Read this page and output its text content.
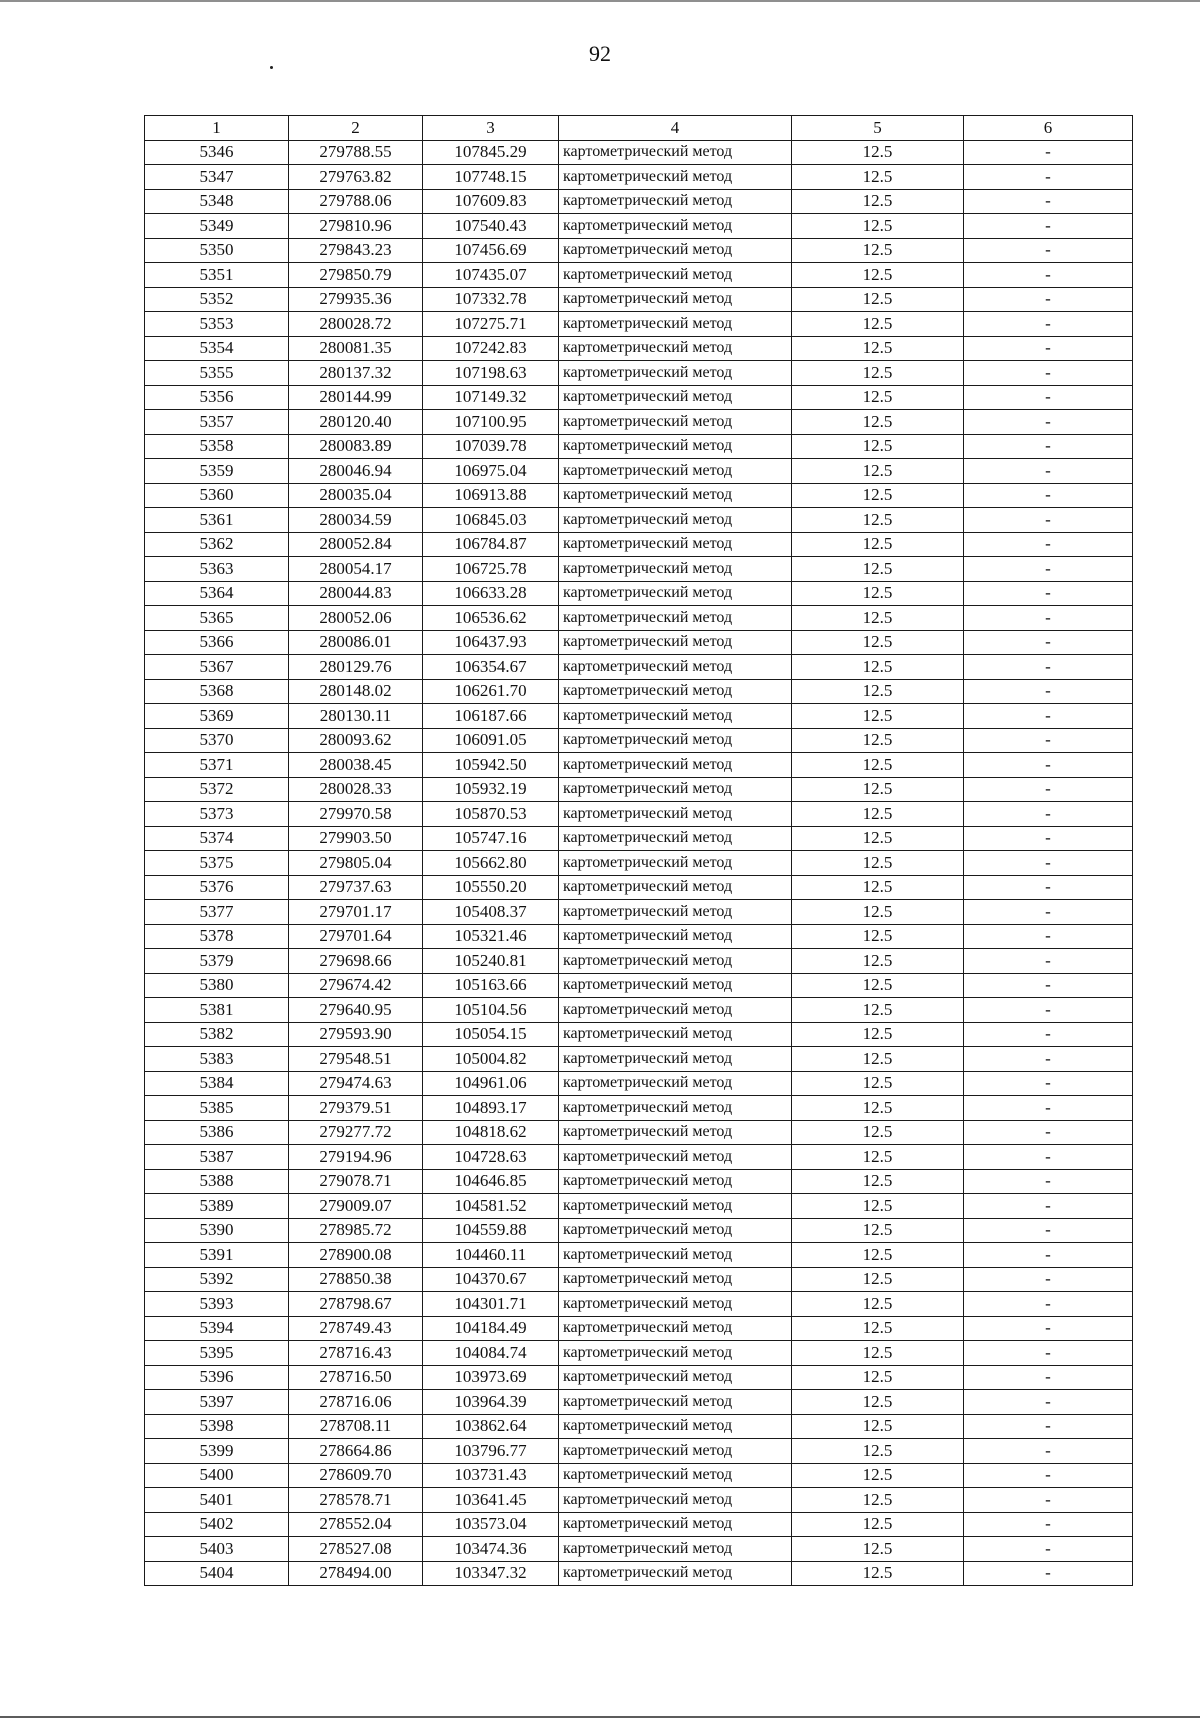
92
1	2	3	4	5	6
5346	279788.55	107845.29	картометрический метод	12.5	-
5347	279763.82	107748.15	картометрический метод	12.5	-
5348	279788.06	107609.83	картометрический метод	12.5	-
5349	279810.96	107540.43	картометрический метод	12.5	-
5350	279843.23	107456.69	картометрический метод	12.5	-
5351	279850.79	107435.07	картометрический метод	12.5	-
5352	279935.36	107332.78	картометрический метод	12.5	-
5353	280028.72	107275.71	картометрический метод	12.5	-
5354	280081.35	107242.83	картометрический метод	12.5	-
5355	280137.32	107198.63	картометрический метод	12.5	-
5356	280144.99	107149.32	картометрический метод	12.5	-
5357	280120.40	107100.95	картометрический метод	12.5	-
5358	280083.89	107039.78	картометрический метод	12.5	-
5359	280046.94	106975.04	картометрический метод	12.5	-
5360	280035.04	106913.88	картометрический метод	12.5	-
5361	280034.59	106845.03	картометрический метод	12.5	-
5362	280052.84	106784.87	картометрический метод	12.5	-
5363	280054.17	106725.78	картометрический метод	12.5	-
5364	280044.83	106633.28	картометрический метод	12.5	-
5365	280052.06	106536.62	картометрический метод	12.5	-
5366	280086.01	106437.93	картометрический метод	12.5	-
5367	280129.76	106354.67	картометрический метод	12.5	-
5368	280148.02	106261.70	картометрический метод	12.5	-
5369	280130.11	106187.66	картометрический метод	12.5	-
5370	280093.62	106091.05	картометрический метод	12.5	-
5371	280038.45	105942.50	картометрический метод	12.5	-
5372	280028.33	105932.19	картометрический метод	12.5	-
5373	279970.58	105870.53	картометрический метод	12.5	-
5374	279903.50	105747.16	картометрический метод	12.5	-
5375	279805.04	105662.80	картометрический метод	12.5	-
5376	279737.63	105550.20	картометрический метод	12.5	-
5377	279701.17	105408.37	картометрический метод	12.5	-
5378	279701.64	105321.46	картометрический метод	12.5	-
5379	279698.66	105240.81	картометрический метод	12.5	-
5380	279674.42	105163.66	картометрический метод	12.5	-
5381	279640.95	105104.56	картометрический метод	12.5	-
5382	279593.90	105054.15	картометрический метод	12.5	-
5383	279548.51	105004.82	картометрический метод	12.5	-
5384	279474.63	104961.06	картометрический метод	12.5	-
5385	279379.51	104893.17	картометрический метод	12.5	-
5386	279277.72	104818.62	картометрический метод	12.5	-
5387	279194.96	104728.63	картометрический метод	12.5	-
5388	279078.71	104646.85	картометрический метод	12.5	-
5389	279009.07	104581.52	картометрический метод	12.5	-
5390	278985.72	104559.88	картометрический метод	12.5	-
5391	278900.08	104460.11	картометрический метод	12.5	-
5392	278850.38	104370.67	картометрический метод	12.5	-
5393	278798.67	104301.71	картометрический метод	12.5	-
5394	278749.43	104184.49	картометрический метод	12.5	-
5395	278716.43	104084.74	картометрический метод	12.5	-
5396	278716.50	103973.69	картометрический метод	12.5	-
5397	278716.06	103964.39	картометрический метод	12.5	-
5398	278708.11	103862.64	картометрический метод	12.5	-
5399	278664.86	103796.77	картометрический метод	12.5	-
5400	278609.70	103731.43	картометрический метод	12.5	-
5401	278578.71	103641.45	картометрический метод	12.5	-
5402	278552.04	103573.04	картометрический метод	12.5	-
5403	278527.08	103474.36	картометрический метод	12.5	-
5404	278494.00	103347.32	картометрический метод	12.5	-
